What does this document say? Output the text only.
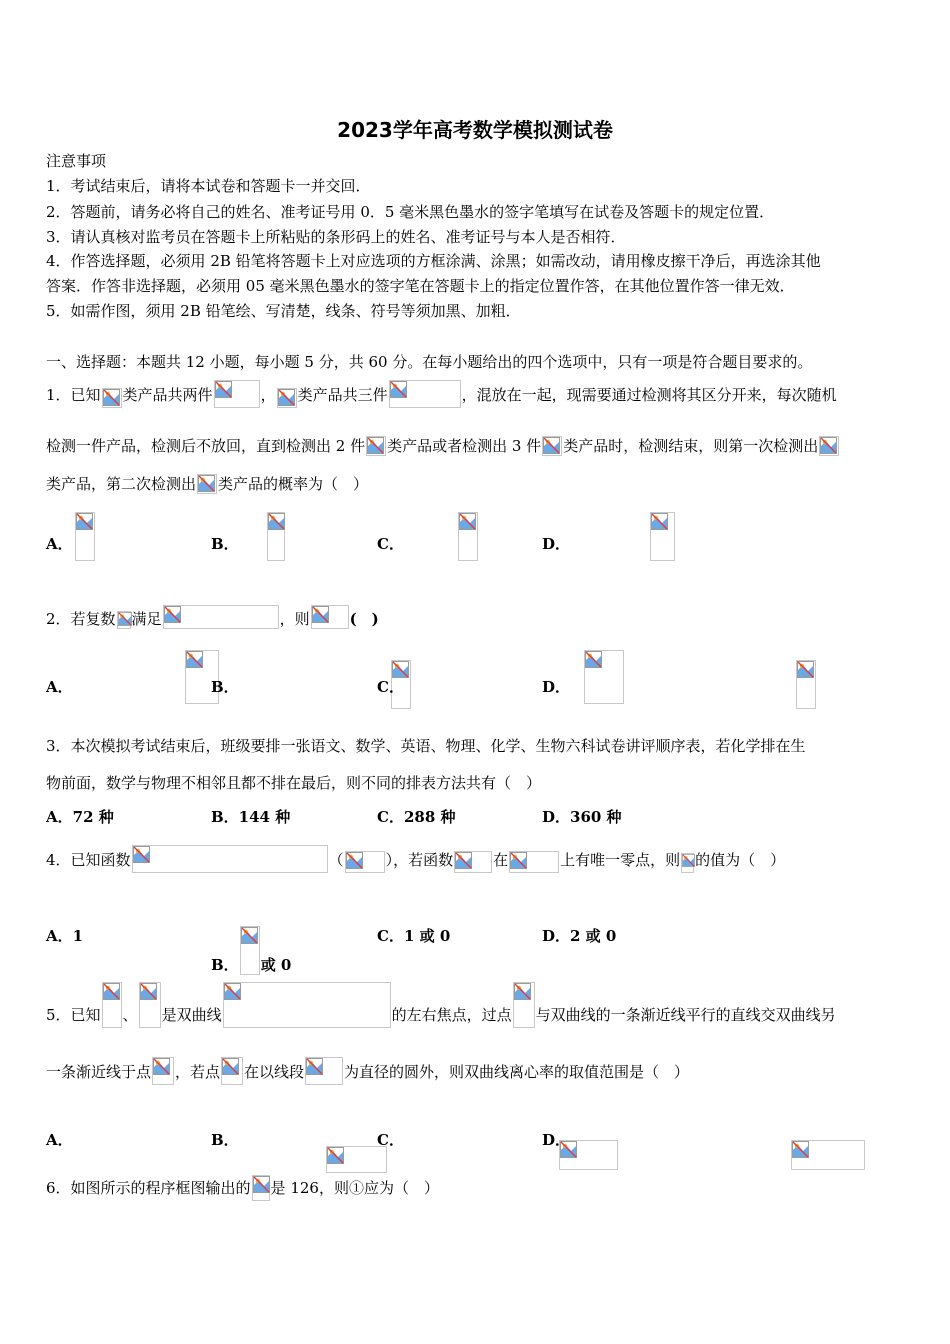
2023学年高考数学模拟测试卷
注意事项
1．考试结束后，请将本试卷和答题卡一并交回．
2．答题前，请务必将自己的姓名、准考证号用 0．5 毫米黑色墨水的签字笔填写在试卷及答题卡的规定位置．
3．请认真核对监考员在答题卡上所粘贴的条形码上的姓名、准考证号与本人是否相符．
4．作答选择题，必须用 2B 铅笔将答题卡上对应选项的方框涂满、涂黑；如需改动，请用橡皮擦干净后，再选涂其他
答案．作答非选择题，必须用 05 毫米黑色墨水的签字笔在答题卡上的指定位置作答，在其他位置作答一律无效．
5．如需作图，须用 2B 铅笔绘、写清楚，线条、符号等须加黑、加粗．
一、选择题：本题共 12 小题，每小题 5 分，共 60 分。在每小题给出的四个选项中，只有一项是符合题目要求的。
1．已知 类产品共两件	， 类产品共三件	，混放在一起，现需要通过检测将其区分开来，每次随机
检测一件产品，检测后不放回，直到检测出 2 件 类产品或者检测出 3 件 类产品时，检测结束，则第一次检测出
类产品，第二次检测出 类产品的概率为（　）
A．
	B．
	C．
	D．

2．若复数 满足	，则	(　)
A．
	B．
	C．
	D．

3．本次模拟考试结束后，班级要排一张语文、数学、英语、物理、化学、生物六科试卷讲评顺序表，若化学排在生
物前面，数学与物理不相邻且都不排在最后，则不同的排表方法共有（　）
A．72 种	B．144 种	C．288 种	D．360 种
4．已知函数	（	），若函数	在	上有唯一零点，则 的值为（　）
A．1
B． 或 0
C．1 或 0	D．2 或 0
5．已知 、 是双曲线	的左右焦点，过点 与双曲线的一条渐近线平行的直线交双曲线另
一条渐近线于点 ，若点 在以线段	为直径的圆外，则双曲线离心率的取值范围是（　）
A．
	B．
	C．
	D．
6．如图所示的程序框图输出的 是 126，则①应为（　）
